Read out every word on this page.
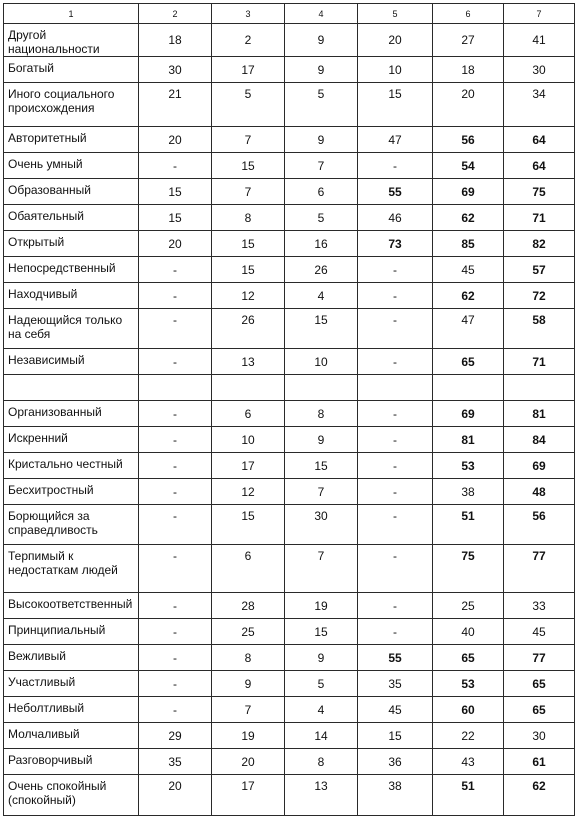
1	2	3	4	5	6	7
Другой национальности	18	2	9	20	27	41
Богатый	30	17	9	10	18	30
Иного социального происхождения	21	5	5	15	20	34
Авторитетный	20	7	9	47	56	64
Очень умный	-	15	7	-	54	64
Образованный	15	7	6	55	69	75
Обаятельный	15	8	5	46	62	71
Открытый	20	15	16	73	85	82
Непосредственный	-	15	26	-	45	57
Находчивый	-	12	4	-	62	72
Надеющийся только на себя	-	26	15	-	47	58
Независимый	-	13	10	-	65	71

Организованный	-	6	8	-	69	81
Искренний	-	10	9	-	81	84
Кристально честный	-	17	15	-	53	69
Бесхитростный	-	12	7	-	38	48
Борющийся за справедливость	-	15	30	-	51	56
Терпимый к недостаткам людей	-	6	7	-	75	77
Высокоответственный	-	28	19	-	25	33
Принципиальный	-	25	15	-	40	45
Вежливый	-	8	9	55	65	77
Участливый	-	9	5	35	53	65
Неболтливый	-	7	4	45	60	65
Молчаливый	29	19	14	15	22	30
Разговорчивый	35	20	8	36	43	61
Очень спокойный (спокойный)	20	17	13	38	51	62
